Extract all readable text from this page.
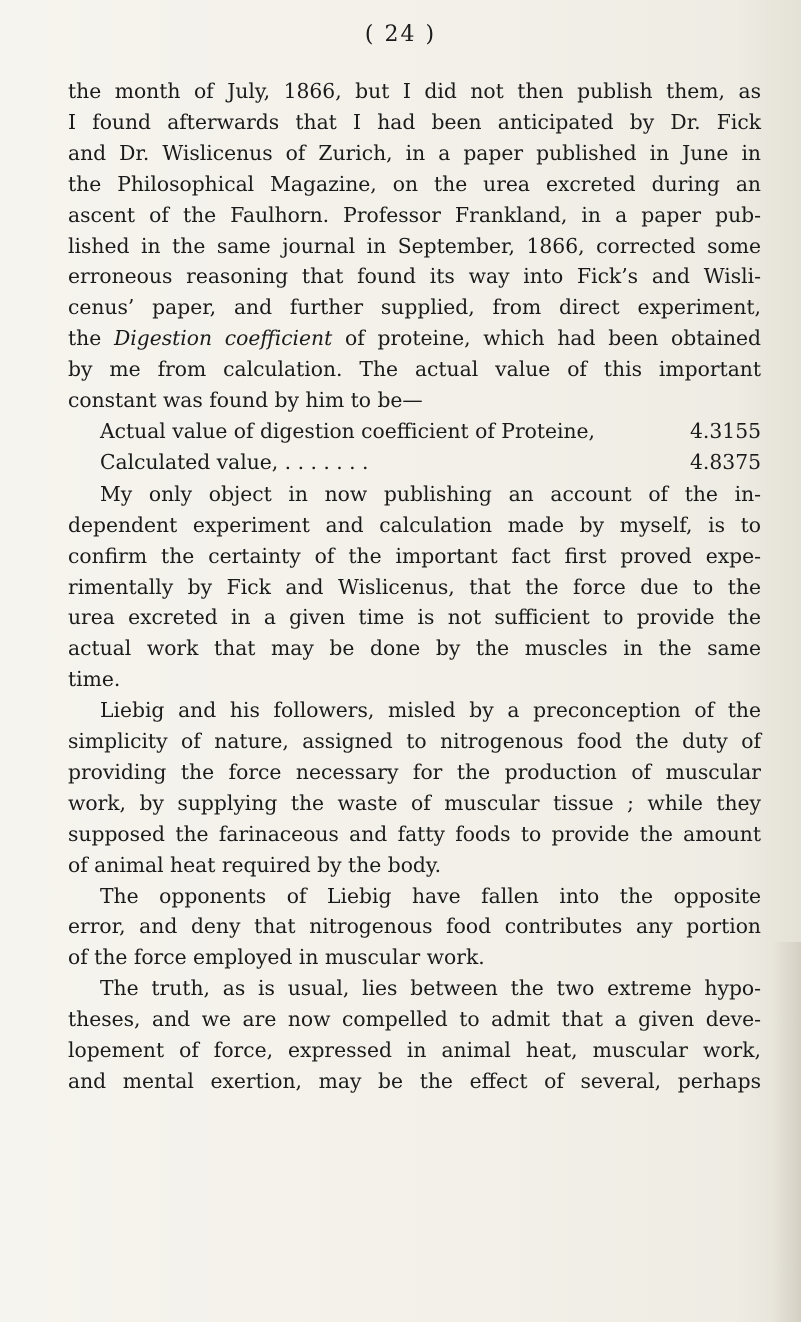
( 24 )
the month of July, 1866, but I did not then publish them, as
I found afterwards that I had been anticipated by Dr. Fick
and Dr. Wislicenus of Zurich, in a paper published in June in
the Philosophical Magazine, on the urea excreted during an
ascent of the Faulhorn. Professor Frankland, in a paper pub-
lished in the same journal in September, 1866, corrected some
erroneous reasoning that found its way into Fick’s and Wisli-
cenus’ paper, and further supplied, from direct experiment,
the Digestion coefficient of proteine, which had been obtained
by me from calculation. The actual value of this important
constant was found by him to be—
Actual value of digestion coefficient of Proteine,	4.3155
Calculated value, . . . . . . .	4.8375
My only object in now publishing an account of the in-
dependent experiment and calculation made by myself, is to
confirm the certainty of the important fact first proved expe-
rimentally by Fick and Wislicenus, that the force due to the
urea excreted in a given time is not sufficient to provide the
actual work that may be done by the muscles in the same
time.
Liebig and his followers, misled by a preconception of the
simplicity of nature, assigned to nitrogenous food the duty of
providing the force necessary for the production of muscular
work, by supplying the waste of muscular tissue ; while they
supposed the farinaceous and fatty foods to provide the amount
of animal heat required by the body.
The opponents of Liebig have fallen into the opposite
error, and deny that nitrogenous food contributes any portion
of the force employed in muscular work.
The truth, as is usual, lies between the two extreme hypo-
theses, and we are now compelled to admit that a given deve-
lopement of force, expressed in animal heat, muscular work,
and mental exertion, may be the effect of several, perhaps
